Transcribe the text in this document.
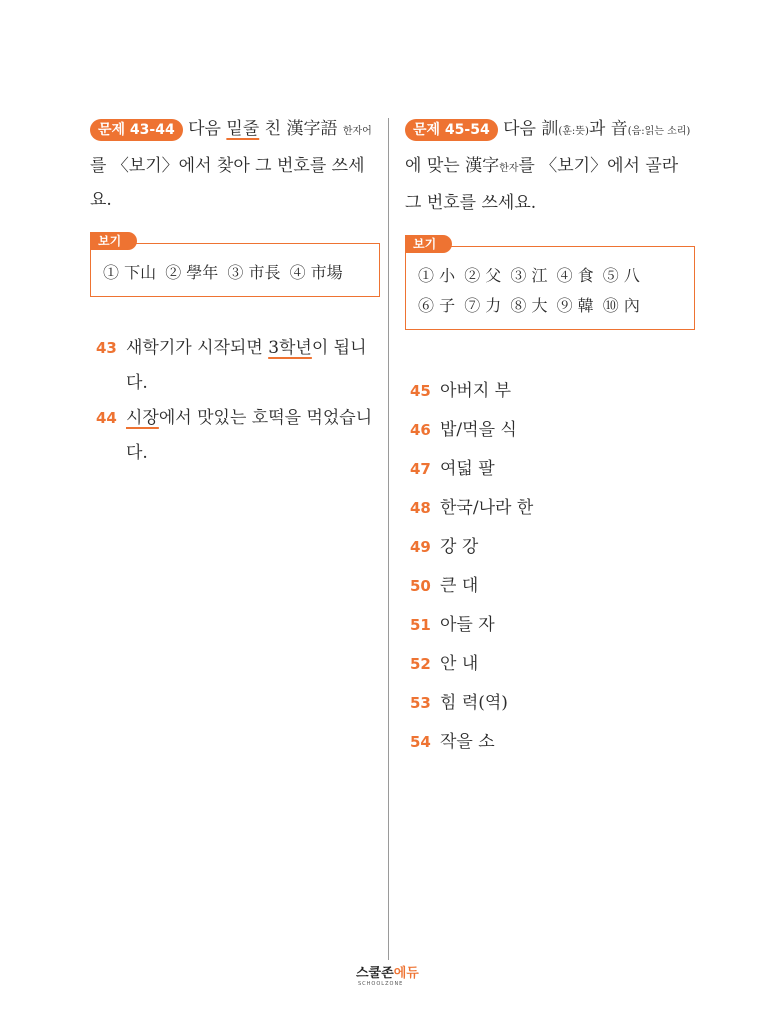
문제 43-44 다음 밑줄 친 漢字語 한자어를 〈보기〉에서 찾아 그 번호를 쓰세요.
보기
① 下山 ② 學年 ③ 市長 ④ 市場
43 새학기가 시작되면 3학년이 됩니다.
44 시장에서 맛있는 호떡을 먹었습니다.
문제 45-54 다음 訓(훈:뜻)과 音(음:읽는 소리)에 맞는 漢字한자를 〈보기〉에서 골라 그 번호를 쓰세요.
보기
① 小 ② 父 ③ 江 ④ 食 ⑤ 八
⑥ 子 ⑦ 力 ⑧ 大 ⑨ 韓 ⑩ 內
45 아버지 부
46 밥/먹을 식
47 여덟 팔
48 한국/나라 한
49 강 강
50 큰 대
51 아들 자
52 안 내
53 힘 력(역)
54 작을 소
스쿨존에듀
SCHOOLZONE
